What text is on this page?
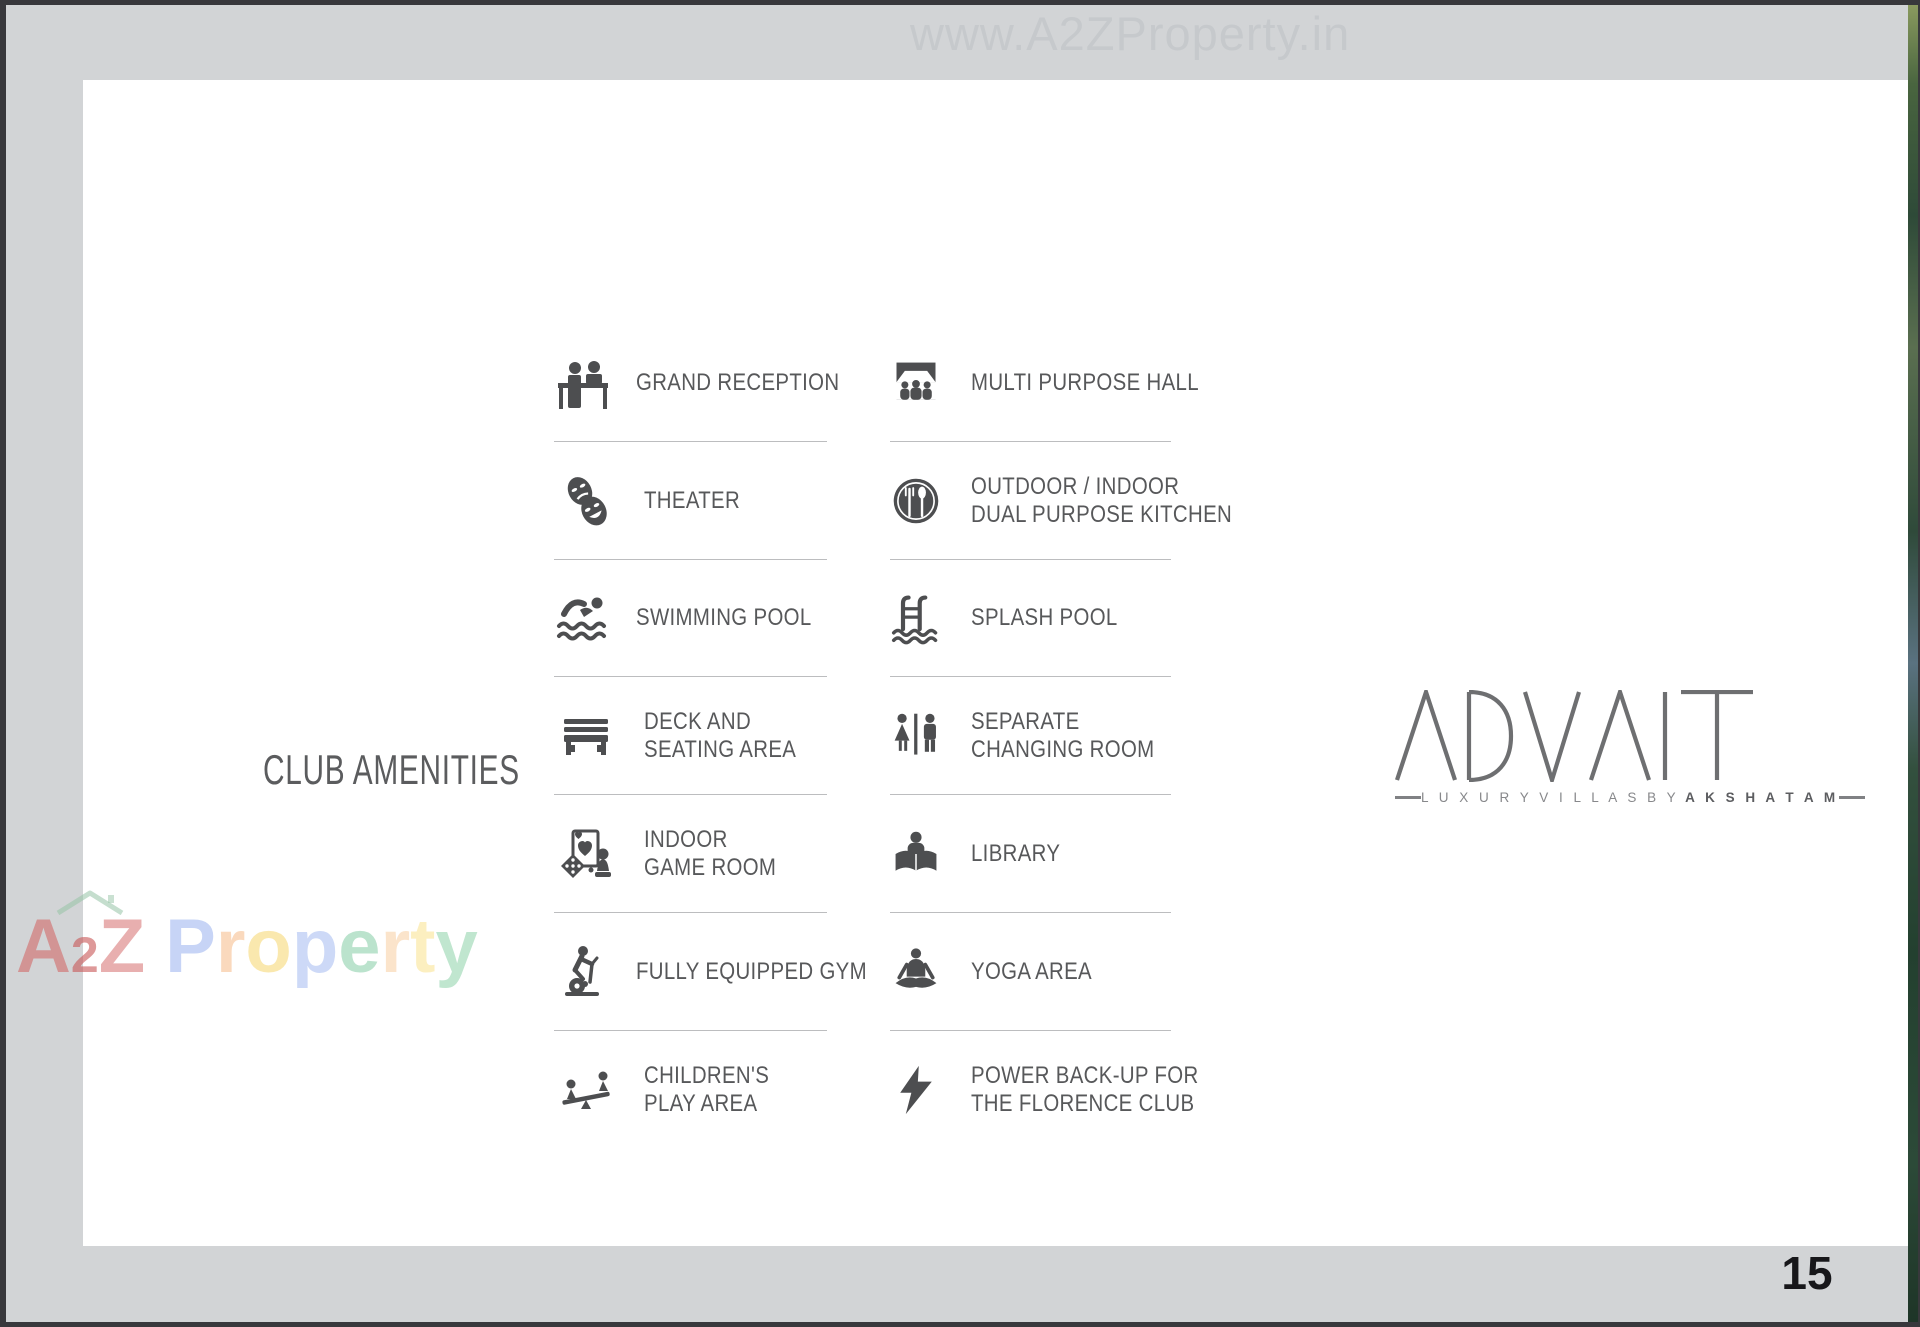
CLUB AMENITIES
GRAND RECEPTION
THEATER
SWIMMING POOL
DECK AND
SEATING AREA
INDOOR
GAME ROOM
FULLY EQUIPPED GYM
CHILDREN'S
PLAY AREA
MULTI PURPOSE HALL
OUTDOOR / INDOOR
DUAL PURPOSE KITCHEN
SPLASH POOL
SEPARATE
CHANGING ROOM
LIBRARY
YOGA AREA
POWER BACK-UP FOR
THE FLORENCE CLUB
L U X U R Y V I L L A S B Y A K S H A T A M
www.A2ZProperty.in
A 2 Z P r o p e r t y
15
